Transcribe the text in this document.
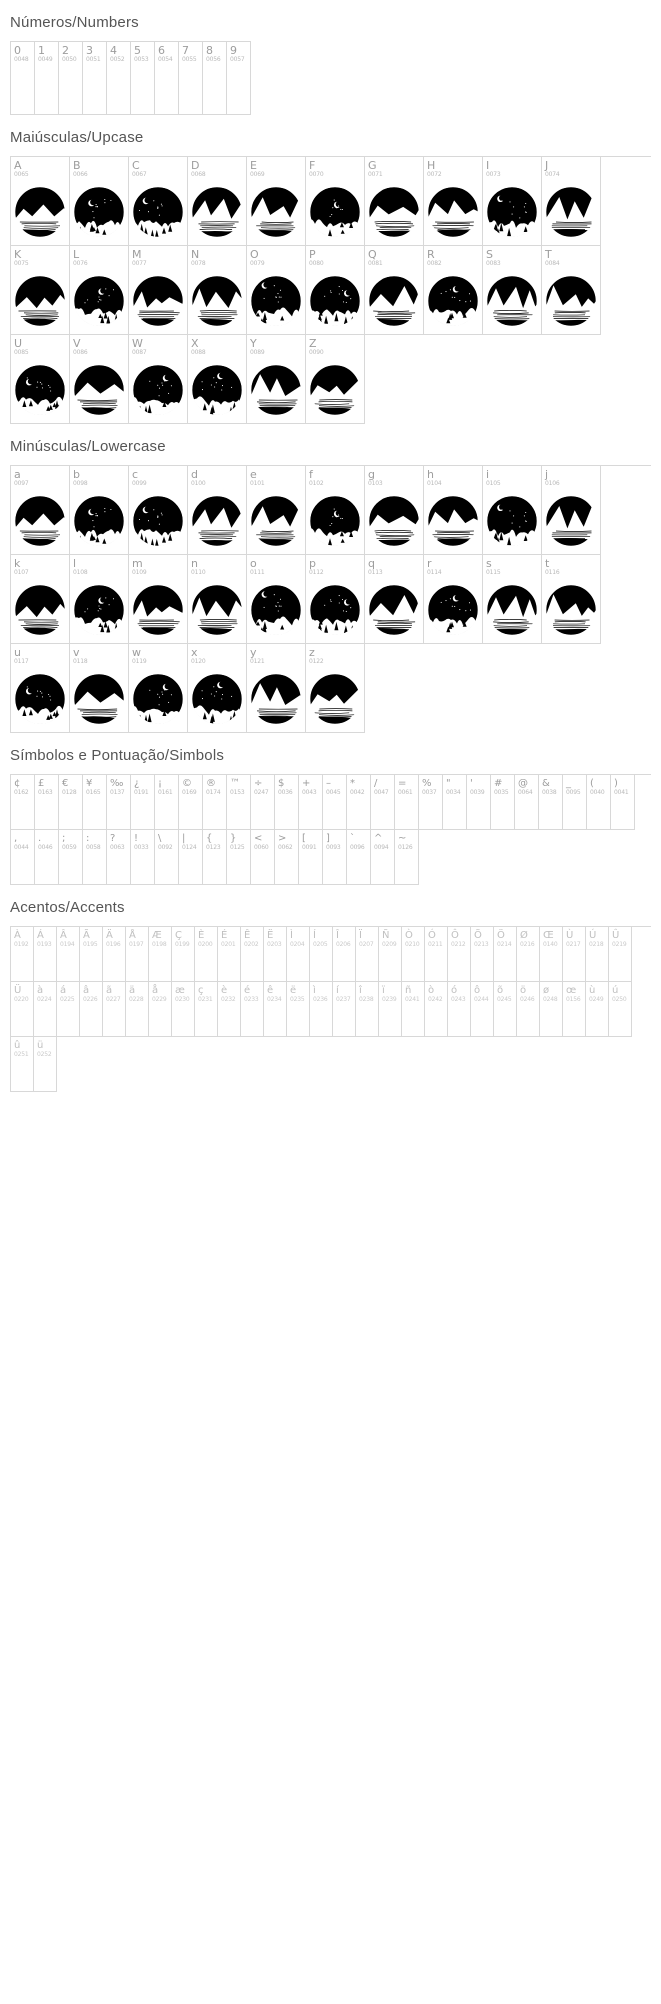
Números/Numbers
0
0048
1
0049
2
0050
3
0051
4
0052
5
0053
6
0054
7
0055
8
0056
9
0057
Maiúsculas/Upcase
A
0065
B
0066
C
0067
D
0068
E
0069
F
0070
G
0071
H
0072
I
0073
J
0074
K
0075
L
0076
M
0077
N
0078
O
0079
P
0080
Q
0081
R
0082
S
0083
T
0084
U
0085
V
0086
W
0087
X
0088
Y
0089
Z
0090
Minúsculas/Lowercase
a
0097
b
0098
c
0099
d
0100
e
0101
f
0102
g
0103
h
0104
i
0105
j
0106
k
0107
l
0108
m
0109
n
0110
o
0111
p
0112
q
0113
r
0114
s
0115
t
0116
u
0117
v
0118
w
0119
x
0120
y
0121
z
0122
Símbolos e Pontuação/Simbols
¢
0162
£
0163
€
0128
¥
0165
‰
0137
¿
0191
¡
0161
©
0169
®
0174
™
0153
÷
0247
$
0036
+
0043
–
0045
*
0042
/
0047
=
0061
%
0037
"
0034
'
0039
#
0035
@
0064
&
0038
_
0095
(
0040
)
0041
,
0044
.
0046
;
0059
:
0058
?
0063
!
0033
\
0092
|
0124
{
0123
}
0125
<
0060
>
0062
[
0091
]
0093
`
0096
^
0094
~
0126
Acentos/Accents
À
0192
Á
0193
Â
0194
Ã
0195
Ä
0196
Å
0197
Æ
0198
Ç
0199
È
0200
É
0201
Ê
0202
Ë
0203
Ì
0204
Í
0205
Î
0206
Ï
0207
Ñ
0209
Ò
0210
Ó
0211
Ô
0212
Õ
0213
Ö
0214
Ø
0216
Œ
0140
Ù
0217
Ú
0218
Û
0219
Ü
0220
à
0224
á
0225
â
0226
ã
0227
ä
0228
å
0229
æ
0230
ç
0231
è
0232
é
0233
ê
0234
ë
0235
ì
0236
í
0237
î
0238
ï
0239
ñ
0241
ò
0242
ó
0243
ô
0244
õ
0245
ö
0246
ø
0248
œ
0156
ù
0249
ú
0250
û
0251
ü
0252
